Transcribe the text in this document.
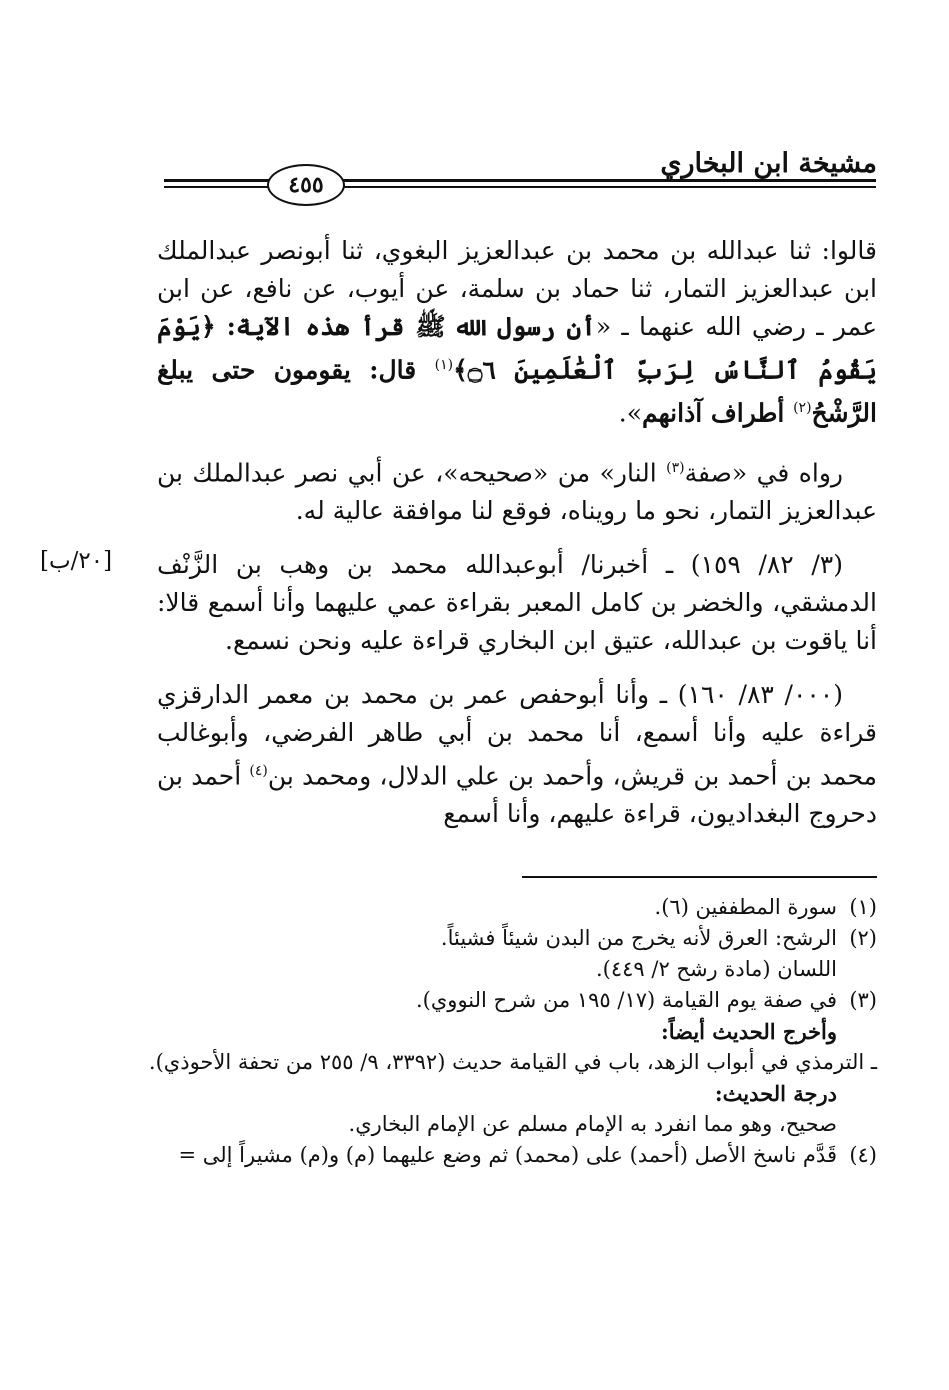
مشيخة ابن البخاري
٤٥٥

قالوا: ثنا عبدالله بن محمد بن عبدالعزيز البغوي، ثنا أبونصر عبدالملك ابن عبدالعزيز التمار، ثنا حماد بن سلمة، عن أيوب، عن نافع، عن ابن عمر ـ رضي الله عنهما ـ «أن رسول الله ﷺ قرأ هذه الآية: ﴿يَوْمَ يَقُومُ ٱلنَّاسُ لِرَبِّ ٱلْعَٰلَمِينَ ۝٦﴾$^{(١)}$ قال: يقومون حتى يبلغ الرَّشْحُ$^{(٢)}$ أطراف آذانهم».

رواه في «صفة$^{(٣)}$ النار» من «صحيحه»، عن أبي نصر عبدالملك بن عبدالعزيز التمار، نحو ما رويناه، فوقع لنا موافقة عالية له.

(٣/ ٨٢/ ١٥٩) ـ أخبرنا/ أبوعبدالله محمد بن وهب بن الزَّنْف الدمشقي، والخضر بن كامل المعبر بقراءة عمي عليهما وأنا أسمع قالا: أنا ياقوت بن عبدالله، عتيق ابن البخاري قراءة عليه ونحن نسمع.

(٠٠٠/ ٨٣/ ١٦٠) ـ وأنا أبوحفص عمر بن محمد بن معمر الدارقزي قراءة عليه وأنا أسمع، أنا محمد بن أبي طاهر الفرضي، وأبوغالب محمد بن أحمد بن قريش، وأحمد بن علي الدلال، ومحمد بن$^{(٤)}$ أحمد بن دحروج البغداديون، قراءة عليهم، وأنا أسمع

[٢٠/ب]
(١)
سورة المطففين (٦).
(٢)
الرشح: العرق لأنه يخرج من البدن شيئاً فشيئاً.
اللسان (مادة رشح ٢/ ٤٤٩).
(٣)
في صفة يوم القيامة (١٧/ ١٩٥ من شرح النووي).
وأخرج الحديث أيضاً:
ـ الترمذي في أبواب الزهد، باب في القيامة حديث (٣٣٩٢، ٩/ ٢٥٥ من تحفة الأحوذي).
درجة الحديث:
صحيح، وهو مما انفرد به الإمام مسلم عن الإمام البخاري.
(٤)
قَدَّم ناسخ الأصل (أحمد) على (محمد) ثم وضع عليهما (م) و(م) مشيراً إلى =
